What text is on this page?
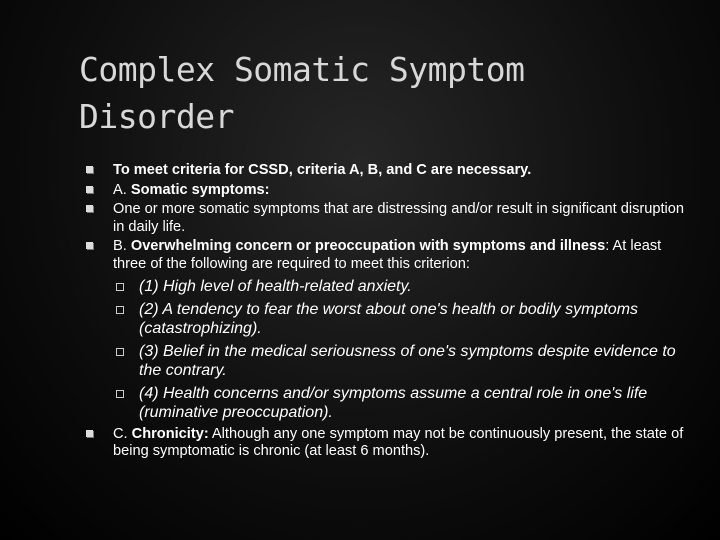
Complex Somatic Symptom Disorder
To meet criteria for CSSD, criteria A, B, and C are necessary.
A. Somatic symptoms:
One or more somatic symptoms that are distressing and/or result in significant disruption in daily life.
B. Overwhelming concern or preoccupation with symptoms and illness: At least three of the following are required to meet this criterion:
(1) High level of health-related anxiety.
(2) A tendency to fear the worst about one's health or bodily symptoms (catastrophizing).
(3) Belief in the medical seriousness of one's symptoms despite evidence to the contrary.
(4) Health concerns and/or symptoms assume a central role in one's life (ruminative preoccupation).
C. Chronicity: Although any one symptom may not be continuously present, the state of being symptomatic is chronic (at least 6 months).
